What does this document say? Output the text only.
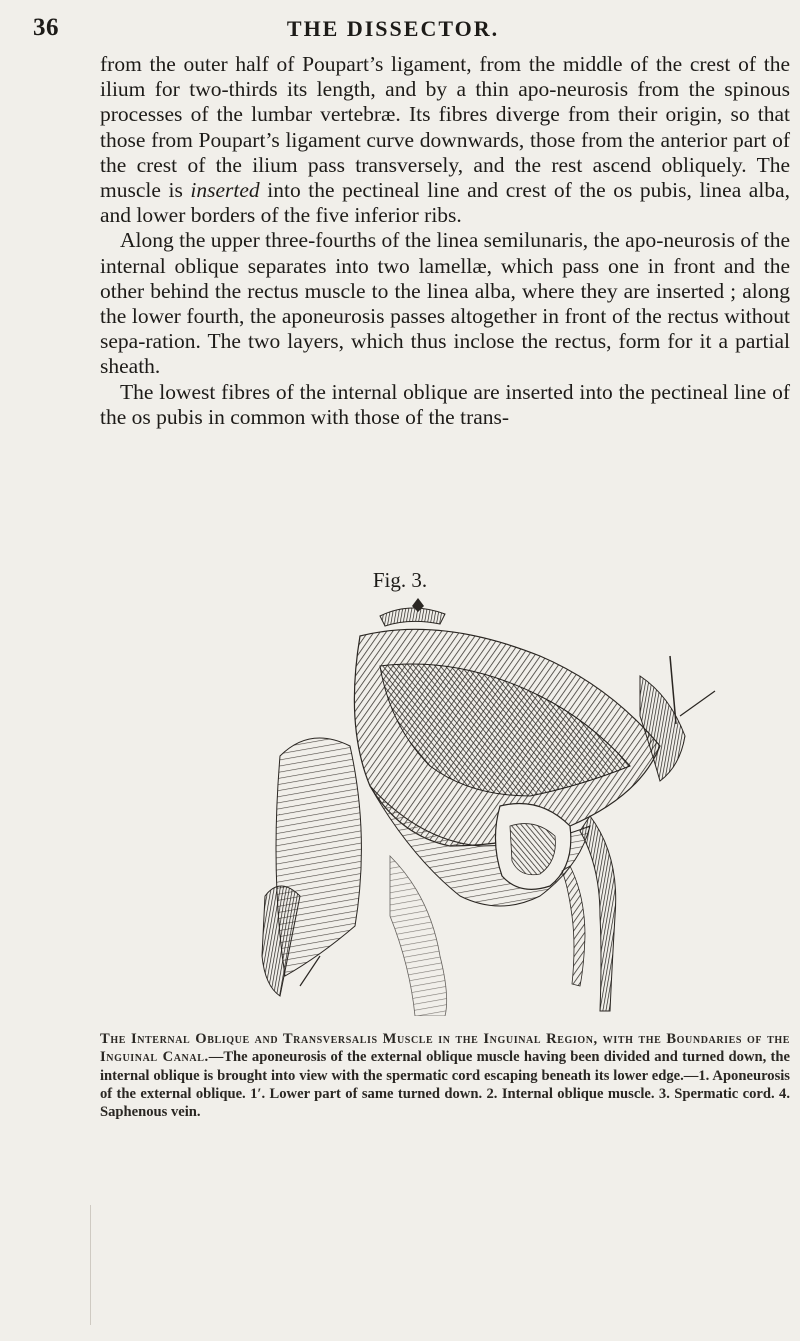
36	THE DISSECTOR.

from the outer half of Poupart’s ligament, from the middle of the crest of the ilium for two-thirds its length, and by a thin apo-neurosis from the spinous processes of the lumbar vertebræ. Its fibres diverge from their origin, so that those from Poupart’s ligament curve downwards, those from the anterior part of the crest of the ilium pass transversely, and the rest ascend obliquely. The muscle is inserted into the pectineal line and crest of the os pubis, linea alba, and lower borders of the five inferior ribs.

Along the upper three-fourths of the linea semilunaris, the apo-neurosis of the internal oblique separates into two lamellæ, which pass one in front and the other behind the rectus muscle to the linea alba, where they are inserted ; along the lower fourth, the aponeurosis passes altogether in front of the rectus without sepa-ration. The two layers, which thus inclose the rectus, form for it a partial sheath.

The lowest fibres of the internal oblique are inserted into the pectineal line of the os pubis in common with those of the trans-

Fig. 3.
The Internal Oblique and Transversalis Muscle in the Inguinal Region, with the Boundaries of the Inguinal Canal.—The aponeurosis of the external oblique muscle having been divided and turned down, the internal oblique is brought into view with the spermatic cord escaping beneath its lower edge.—1. Aponeurosis of the external oblique. 1′. Lower part of same turned down. 2. Internal oblique muscle. 3. Spermatic cord. 4. Saphenous vein.
